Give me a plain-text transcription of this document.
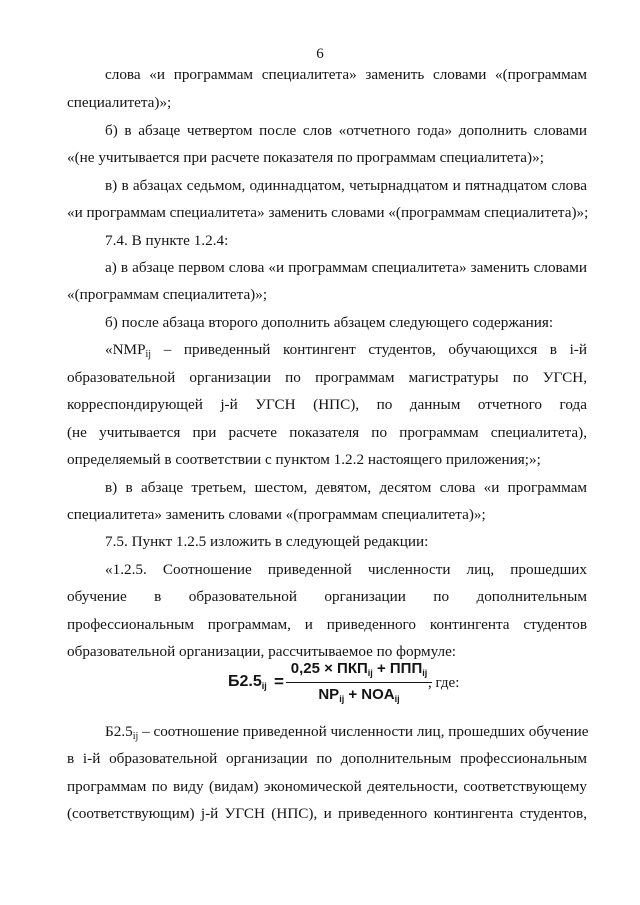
6
слова «и программам специалитета» заменить словами «(программам
специалитета)»;
б) в абзаце четвертом после слов «отчетного года» дополнить словами
«(не учитывается при расчете показателя по программам специалитета)»;
в) в абзацах седьмом, одиннадцатом, четырнадцатом и пятнадцатом слова
«и программам специалитета» заменить словами «(программам специалитета)»;
7.4. В пункте 1.2.4:
а) в абзаце первом слова «и программам специалитета» заменить словами
«(программам специалитета)»;
б) после абзаца второго дополнить абзацем следующего содержания:
«$NMP_{ij}$ – приведенный контингент студентов, обучающихся в i-й
образовательной организации по программам магистратуры по УГСН,
корреспондирующей j-й УГСН (НПС), по данным отчетного года
(не учитывается при расчете показателя по программам специалитета),
определяемый в соответствии с пунктом 1.2.2 настоящего приложения;»;
в) в абзаце третьем, шестом, девятом, десятом слова «и программам
специалитета» заменить словами «(программам специалитета)»;
7.5. Пункт 1.2.5 изложить в следующей редакции:
«1.2.5. Соотношение приведенной численности лиц, прошедших
обучение в образовательной организации по дополнительным
профессиональным программам, и приведенного контингента студентов
образовательной организации, рассчитываемое по формуле:
$Б2.5_{ij}$ =
$0,25 \times ПКП_{ij} + ППП_{ij}$
$NP_{ij} + NOA_{ij}$
, где:
$Б2.5_{ij}$ – соотношение приведенной численности лиц, прошедших обучение
в i-й образовательной организации по дополнительным профессиональным
программам по виду (видам) экономической деятельности, соответствующему
(соответствующим) j-й УГСН (НПС), и приведенного контингента студентов,
